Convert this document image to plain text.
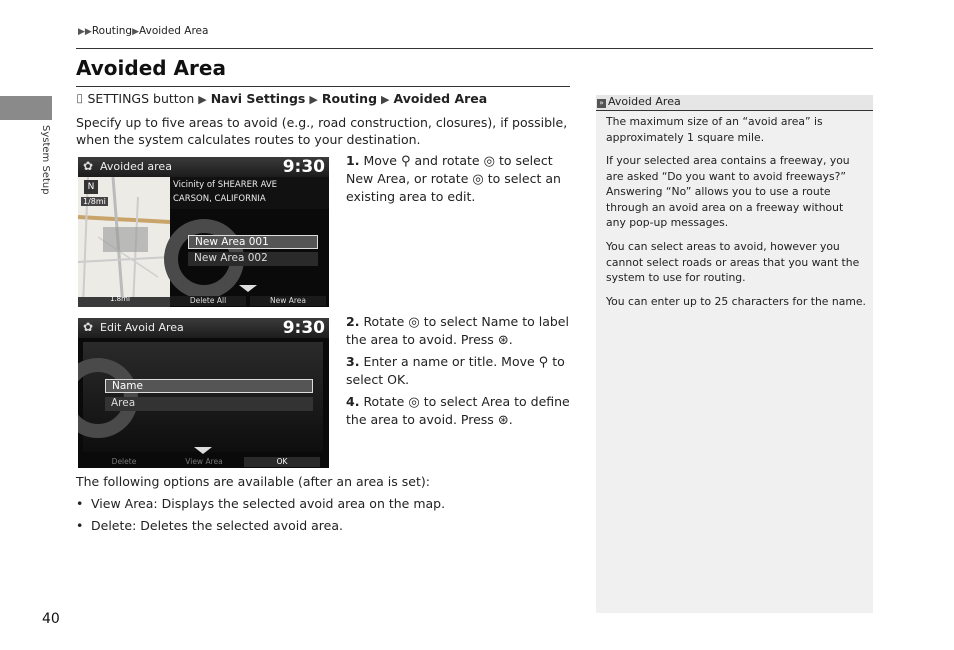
▶▶Routing▶Avoided Area
System Setup
Avoided Area
⌷ SETTINGS button ▶ Navi Settings ▶ Routing ▶ Avoided Area
Specify up to five areas to avoid (e.g., road construction, closures), if possible, when the system calculates routes to your destination.
✿ Avoided area	9:30
N
1/8mi
1.8mi
Vicinity of SHEARER AVE
CARSON, CALIFORNIA
New Area 001
New Area 002
Delete All	New Area
✿ Edit Avoid Area	9:30
Name
Area
Delete	View Area	OK
1. Move ⚲ and rotate ◎ to select New Area, or rotate ◎ to select an existing area to edit.
2. Rotate ◎ to select Name to label the area to avoid. Press ⊛.
3. Enter a name or title. Move ⚲ to select OK.
4. Rotate ◎ to select Area to define the area to avoid. Press ⊛.
The following options are available (after an area is set):
• View Area: Displays the selected avoid area on the map.
• Delete: Deletes the selected avoid area.
» Avoided Area
The maximum size of an “avoid area” is approximately 1 square mile.
If your selected area contains a freeway, you are asked “Do you want to avoid freeways?” Answering “No” allows you to use a route through an avoid area on a freeway without any pop-up messages.
You can select areas to avoid, however you cannot select roads or areas that you want the system to use for routing.
You can enter up to 25 characters for the name.
40
